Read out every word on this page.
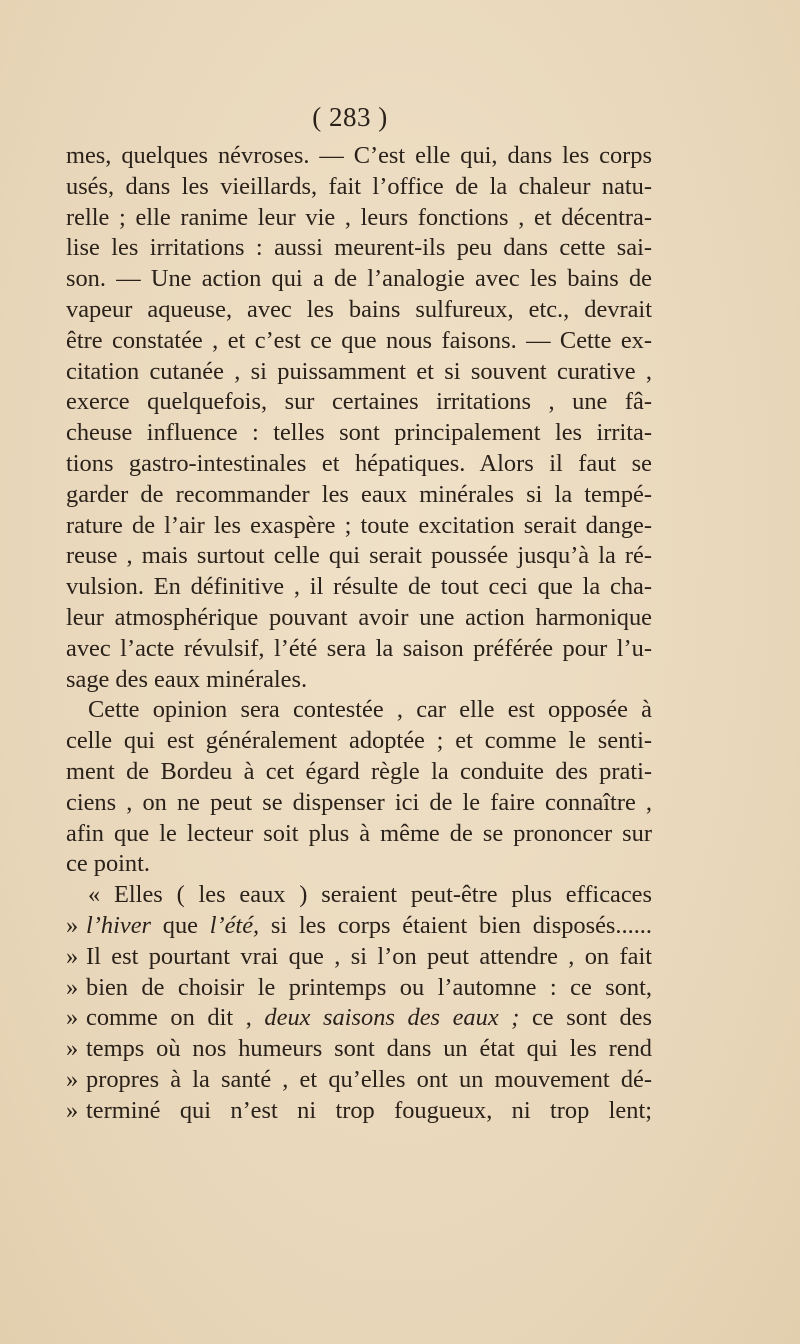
( 283 )
mes, quelques névroses. — C’est elle qui, dans les corps
usés, dans les vieillards, fait l’office de la chaleur natu-
relle ; elle ranime leur vie , leurs fonctions , et décentra-
lise les irritations : aussi meurent-ils peu dans cette sai-
son. — Une action qui a de l’analogie avec les bains de
vapeur aqueuse, avec les bains sulfureux, etc., devrait
être constatée , et c’est ce que nous faisons. — Cette ex-
citation cutanée , si puissamment et si souvent curative ,
exerce quelquefois, sur certaines irritations , une fâ-
cheuse influence : telles sont principalement les irrita-
tions gastro-intestinales et hépatiques. Alors il faut se
garder de recommander les eaux minérales si la tempé-
rature de l’air les exaspère ; toute excitation serait dange-
reuse , mais surtout celle qui serait poussée jusqu’à la ré-
vulsion. En définitive , il résulte de tout ceci que la cha-
leur atmosphérique pouvant avoir une action harmonique
avec l’acte révulsif, l’été sera la saison préférée pour l’u-
sage des eaux minérales.
Cette opinion sera contestée , car elle est opposée à
celle qui est généralement adoptée ; et comme le senti-
ment de Bordeu à cet égard règle la conduite des prati-
ciens , on ne peut se dispenser ici de le faire connaître ,
afin que le lecteur soit plus à même de se prononcer sur
ce point.
« Elles ( les eaux ) seraient peut-être plus efficaces
» l’hiver que l’été, si les corps étaient bien disposés......
» Il est pourtant vrai que , si l’on peut attendre , on fait
» bien de choisir le printemps ou l’automne : ce sont,
» comme on dit , deux saisons des eaux ; ce sont des
» temps où nos humeurs sont dans un état qui les rend
» propres à la santé , et qu’elles ont un mouvement dé-
» terminé qui n’est ni trop fougueux, ni trop lent;
